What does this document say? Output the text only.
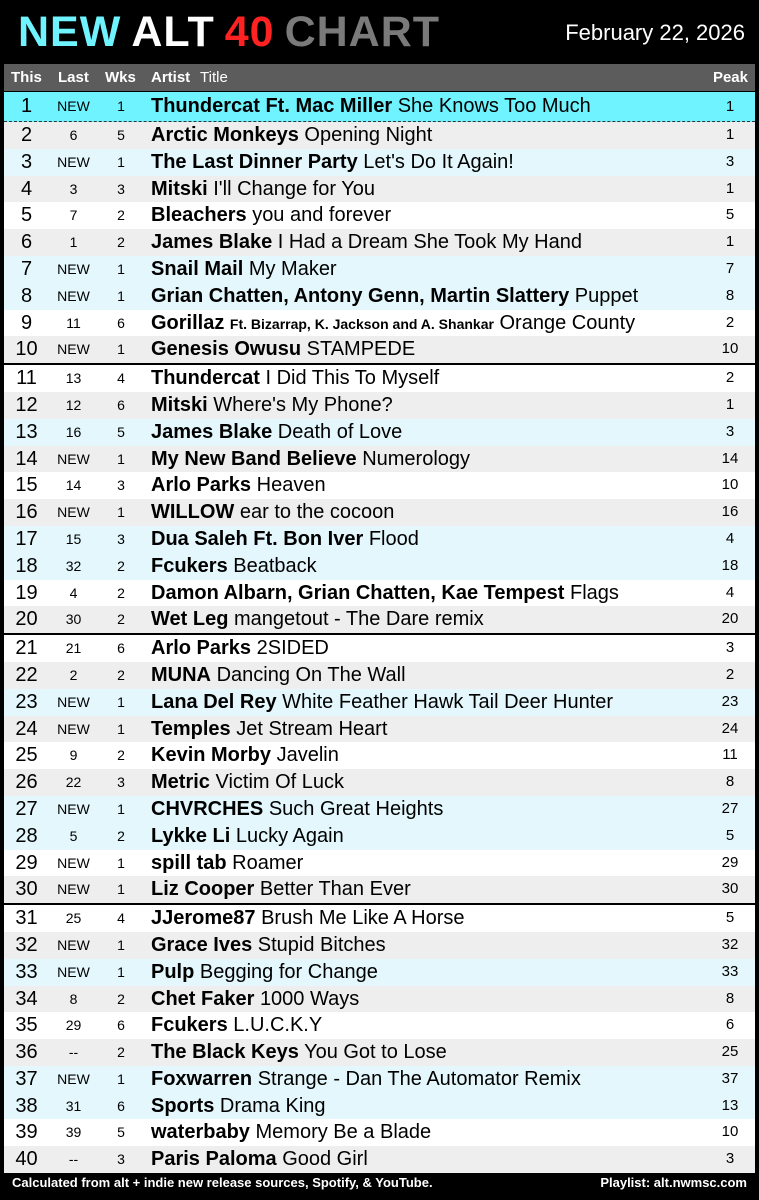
NEW ALT 40 CHART	February 22, 2026
This Last Wks Artist Title	Peak
1	NEW	1	Thundercat Ft. Mac Miller She Knows Too Much	1
2	6	5	Arctic Monkeys Opening Night	1
3	NEW	1	The Last Dinner Party Let's Do It Again!	3
4	3	3	Mitski I'll Change for You	1
5	7	2	Bleachers you and forever	5
6	1	2	James Blake I Had a Dream She Took My Hand	1
7	NEW	1	Snail Mail My Maker	7
8	NEW	1	Grian Chatten, Antony Genn, Martin Slattery Puppet	8
9	11	6	Gorillaz Ft. Bizarrap, K. Jackson and A. Shankar Orange County	2
10	NEW	1	Genesis Owusu STAMPEDE	10
11	13	4	Thundercat I Did This To Myself	2
12	12	6	Mitski Where's My Phone?	1
13	16	5	James Blake Death of Love	3
14	NEW	1	My New Band Believe Numerology	14
15	14	3	Arlo Parks Heaven	10
16	NEW	1	WILLOW ear to the cocoon	16
17	15	3	Dua Saleh Ft. Bon Iver Flood	4
18	32	2	Fcukers Beatback	18
19	4	2	Damon Albarn, Grian Chatten, Kae Tempest Flags	4
20	30	2	Wet Leg mangetout - The Dare remix	20
21	21	6	Arlo Parks 2SIDED	3
22	2	2	MUNA Dancing On The Wall	2
23	NEW	1	Lana Del Rey White Feather Hawk Tail Deer Hunter	23
24	NEW	1	Temples Jet Stream Heart	24
25	9	2	Kevin Morby Javelin	11
26	22	3	Metric Victim Of Luck	8
27	NEW	1	CHVRCHES Such Great Heights	27
28	5	2	Lykke Li Lucky Again	5
29	NEW	1	spill tab Roamer	29
30	NEW	1	Liz Cooper Better Than Ever	30
31	25	4	JJerome87 Brush Me Like A Horse	5
32	NEW	1	Grace Ives Stupid Bitches	32
33	NEW	1	Pulp Begging for Change	33
34	8	2	Chet Faker 1000 Ways	8
35	29	6	Fcukers L.U.C.K.Y	6
36	--	2	The Black Keys You Got to Lose	25
37	NEW	1	Foxwarren Strange - Dan The Automator Remix	37
38	31	6	Sports Drama King	13
39	39	5	waterbaby Memory Be a Blade	10
40	--	3	Paris Paloma Good Girl	3
Calculated from alt + indie new release sources, Spotify, & YouTube.	Playlist: alt.nwmsc.com
